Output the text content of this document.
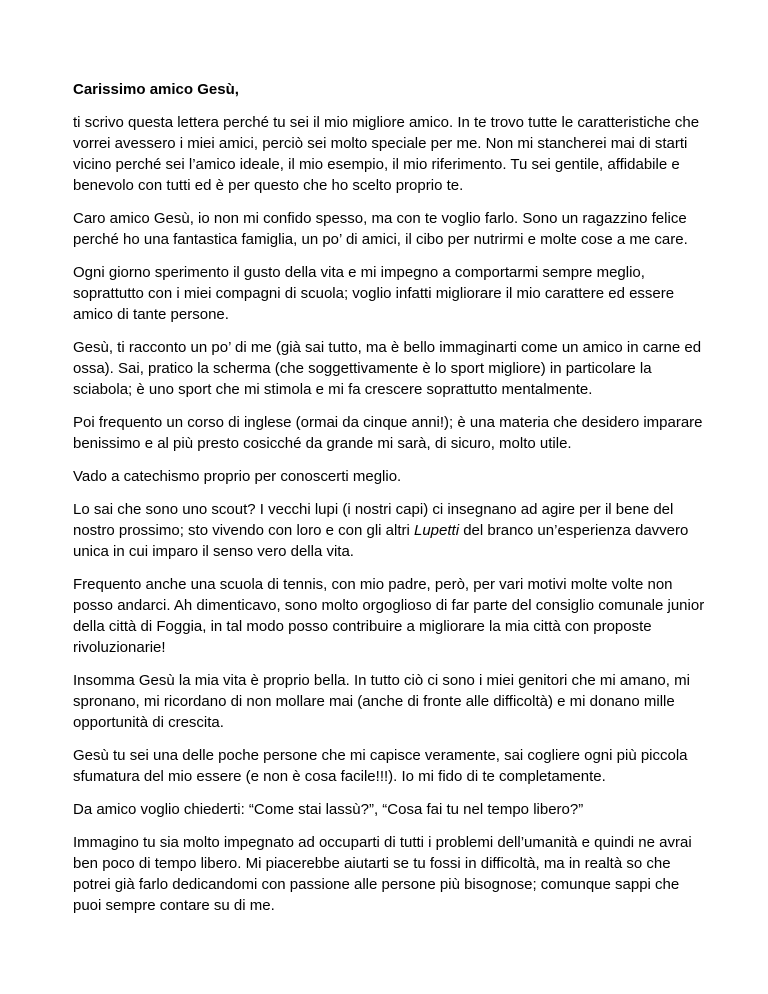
Carissimo amico Gesù,

ti scrivo questa lettera perché tu sei il mio migliore amico. In te trovo tutte le caratteristiche che vorrei avessero i miei amici, perciò sei molto speciale per me. Non mi stancherei mai di starti vicino perché sei l’amico ideale, il mio esempio, il mio riferimento. Tu sei gentile, affidabile e benevolo con tutti ed è per questo che ho scelto proprio te.

Caro amico Gesù, io non mi confido spesso, ma con te voglio farlo. Sono un ragazzino felice perché ho una fantastica famiglia, un po’ di amici, il cibo per nutrirmi e molte cose a me care.

Ogni giorno sperimento il gusto della vita e mi impegno a comportarmi sempre meglio, soprattutto con i miei compagni di scuola; voglio infatti migliorare il mio carattere ed essere amico di tante persone.

Gesù, ti racconto un po’ di me (già sai tutto, ma è bello immaginarti come un amico in carne ed ossa). Sai, pratico la scherma (che soggettivamente è lo sport migliore) in particolare la sciabola; è uno sport che mi stimola e mi fa crescere soprattutto mentalmente.

Poi frequento un corso di inglese (ormai da cinque anni!); è una materia che desidero imparare benissimo e al più presto cosicché da grande mi sarà, di sicuro, molto utile.

Vado a catechismo proprio per conoscerti meglio.

Lo sai che sono uno scout? I vecchi lupi (i nostri capi) ci insegnano ad agire per il bene del nostro prossimo; sto vivendo con loro e con gli altri Lupetti del branco un’esperienza davvero unica in cui imparo il senso vero della vita.

Frequento anche una scuola di tennis, con mio padre, però, per vari motivi molte volte non posso andarci. Ah dimenticavo, sono molto orgoglioso di far parte del consiglio comunale junior della città di Foggia, in tal modo posso contribuire a migliorare la mia città con proposte rivoluzionarie!

Insomma Gesù la mia vita è proprio bella. In tutto ciò ci sono i miei genitori che mi amano, mi spronano, mi ricordano di non mollare mai (anche di fronte alle difficoltà) e mi donano mille opportunità di crescita.

Gesù tu sei una delle poche persone che mi capisce veramente, sai cogliere ogni più piccola sfumatura del mio essere (e non è cosa facile!!!). Io mi fido di te completamente.

Da amico voglio chiederti: “Come stai lassù?”, “Cosa fai tu nel tempo libero?”

Immagino tu sia molto impegnato ad occuparti di tutti i problemi dell’umanità e quindi ne avrai ben poco di tempo libero. Mi piacerebbe aiutarti se tu fossi in difficoltà, ma in realtà so che potrei già farlo dedicandomi con passione alle persone più bisognose; comunque sappi che puoi sempre contare su di me.
